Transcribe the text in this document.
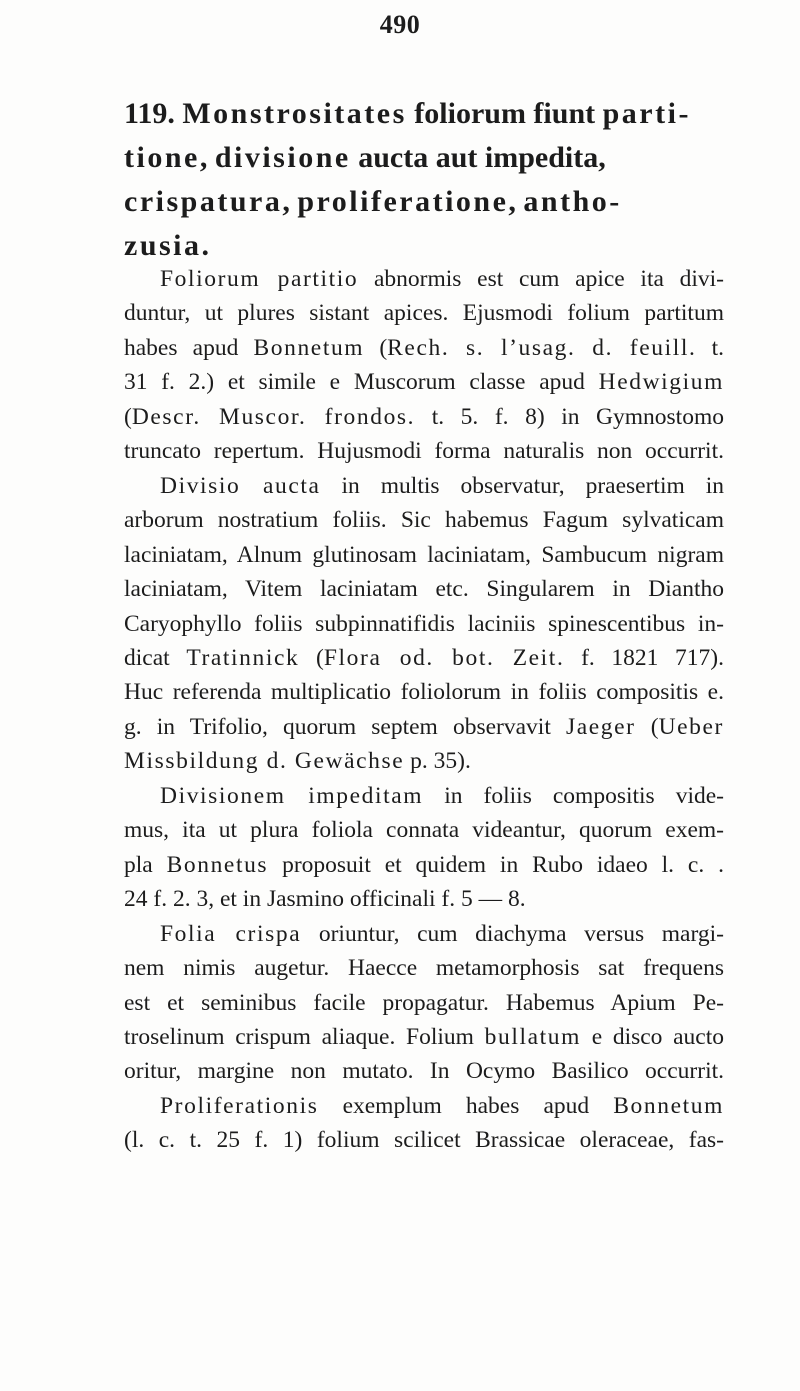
490
119. Monstrositates foliorum fiunt parti-
tione, divisione aucta aut impedita,
crispatura, proliferatione, antho-
zusia.
Foliorum partitio abnormis est cum apice ita divi-
duntur, ut plures sistant apices. Ejusmodi folium partitum
habes apud Bonnetum (Rech. s. l’usag. d. feuill. t.
31 f. 2.) et simile e Muscorum classe apud Hedwigium
(Descr. Muscor. frondos. t. 5. f. 8) in Gymnostomo
truncato repertum. Hujusmodi forma naturalis non occurrit.
Divisio aucta in multis observatur, praesertim in
arborum nostratium foliis. Sic habemus Fagum sylvaticam
laciniatam, Alnum glutinosam laciniatam, Sambucum nigram
laciniatam, Vitem laciniatam etc. Singularem in Diantho
Caryophyllo foliis subpinnatifidis laciniis spinescentibus in-
dicat Tratinnick (Flora od. bot. Zeit. f. 1821 717).
Huc referenda multiplicatio foliolorum in foliis compositis e.
g. in Trifolio, quorum septem observavit Jaeger (Ueber
Missbildung d. Gewächse p. 35).
Divisionem impeditam in foliis compositis vide-
mus, ita ut plura foliola connata videantur, quorum exem-
pla Bonnetus proposuit et quidem in Rubo idaeo l. c. .
24 f. 2. 3, et in Jasmino officinali f. 5 — 8.
Folia crispa oriuntur, cum diachyma versus margi-
nem nimis augetur. Haecce metamorphosis sat frequens
est et seminibus facile propagatur. Habemus Apium Pe-
troselinum crispum aliaque. Folium bullatum e disco aucto
oritur, margine non mutato. In Ocymo Basilico occurrit.
Proliferationis exemplum habes apud Bonnetum
(l. c. t. 25 f. 1) folium scilicet Brassicae oleraceae, fas-
